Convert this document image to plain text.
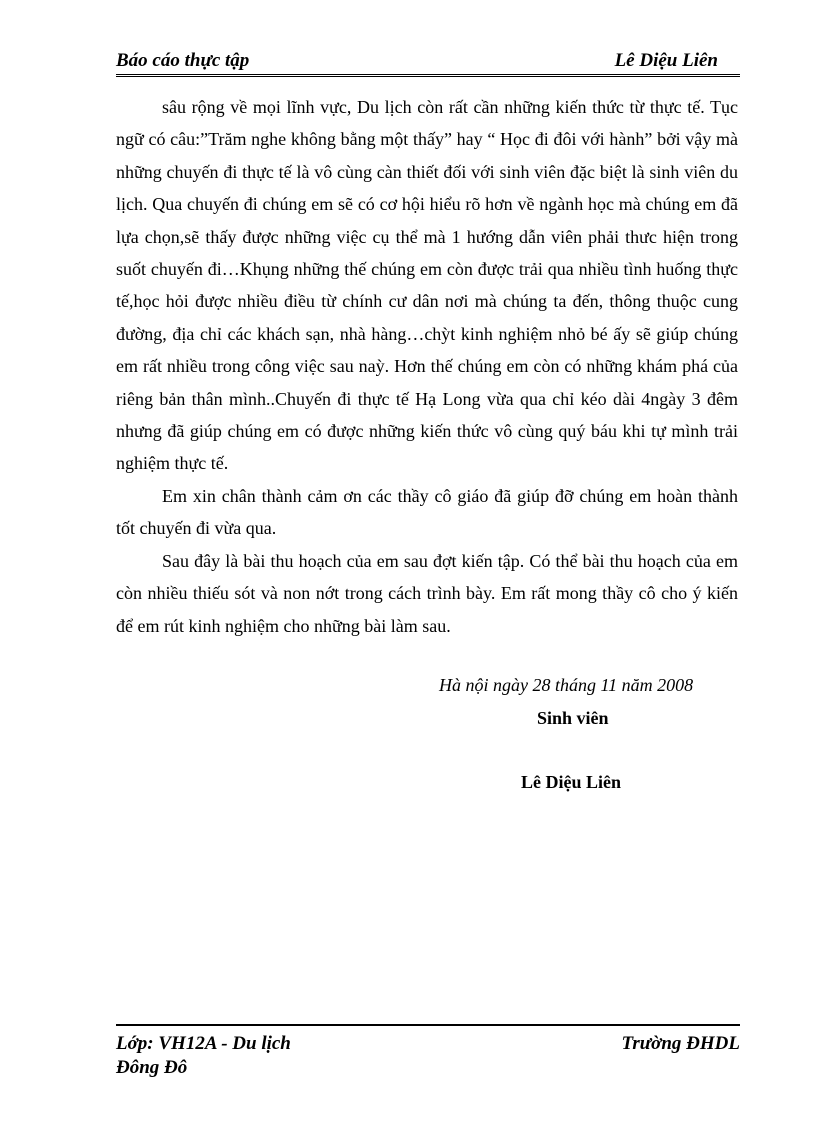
Báo cáo thực tập	Lê Diệu Liên

sâu rộng về mọi lĩnh vực, Du lịch còn rất cần những kiến thức từ thực tế. Tục ngữ có câu:”Trăm nghe không bằng một thấy” hay “ Học đi đôi với hành” bởi vậy mà những chuyến đi thực tế là vô cùng càn thiết đối với sinh viên đặc biệt là sinh viên du lịch. Qua chuyến đi chúng em sẽ có cơ hội hiểu rõ hơn về ngành học mà chúng em đã lựa chọn,sẽ thấy được những việc cụ thể mà 1 hướng dẫn viên phải thưc hiện trong suốt chuyến đi…Khụng những thế chúng em còn được trải qua nhiều tình huống thực tế,học hỏi được nhiều điều từ chính cư dân nơi mà chúng ta đến, thông thuộc cung đường, địa chỉ các khách sạn, nhà hàng…chỳt kinh nghiệm nhỏ bé ấy sẽ giúp chúng em rất nhiều trong công việc sau naỳ. Hơn thế chúng em còn có những khám phá của riêng bản thân mình..Chuyến đi thực tế Hạ Long vừa qua chỉ kéo dài 4ngày 3 đêm nhưng đã giúp chúng em có được những kiến thức vô cùng quý báu khi tự mình trải nghiệm thực tế.

Em xin chân thành cảm ơn các thầy cô giáo đã giúp đỡ chúng em hoàn thành tốt chuyến đi vừa qua.

Sau đây là bài thu hoạch của em sau đợt kiến tập. Có thể bài thu hoạch của em còn nhiều thiếu sót và non nớt trong cách trình bày. Em rất mong thầy cô cho ý kiến để em rút kinh nghiệm cho những bài làm sau.

Hà nội ngày 28 tháng 11 năm 2008
Sinh viên
Lê Diệu Liên
Lớp: VH12A - Du lịch
Đông Đô
Trường ĐHDL
